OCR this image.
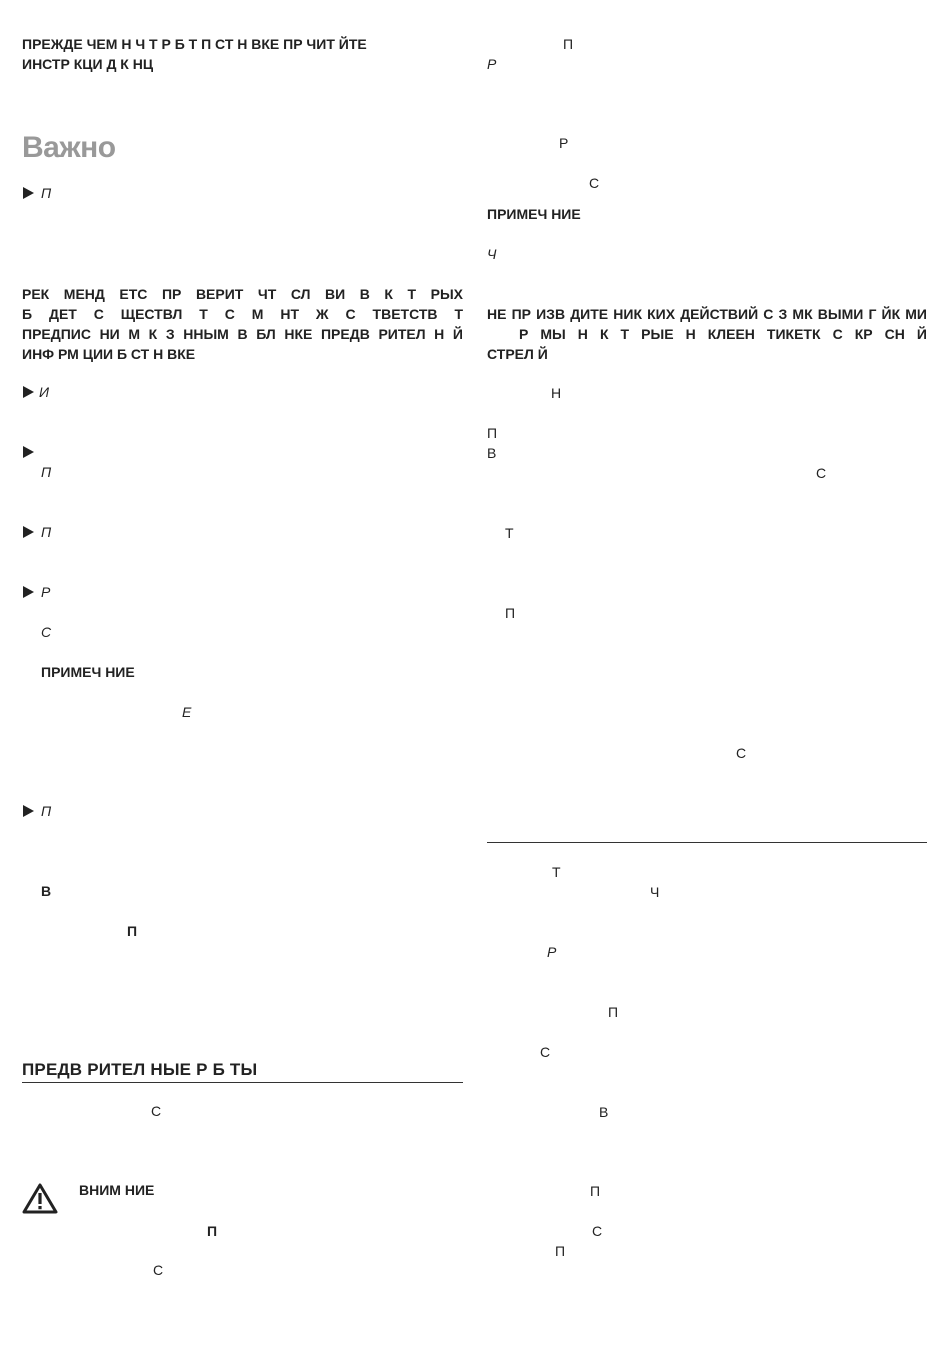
ПРЕЖДЕ ЧЕМ Н Ч Т Р Б Т П СТ Н ВКЕ ПР ЧИТ ЙТЕ
ИНСТР КЦИ Д К НЦ
Важно
П
РЕК МЕНД ЕТС ПР ВЕРИТ ЧТ СЛ ВИ В К Т РЫХ
Б ДЕТ С ЩЕСТВЛ Т С М НТ Ж С ТВЕТСТВ Т
ПРЕДПИС НИ М К З ННЫМ В БЛ НКЕ ПРЕДВ РИТЕЛ Н Й
ИНФ РМ ЦИИ Б СТ Н ВКЕ
И
П
П
Р
С
ПРИМЕЧ НИЕ
Е
П
В
П
ПРЕДВ РИТЕЛ НЫЕ Р Б ТЫ
С
ВНИМ НИЕ
П
С
П
Р
Р
С
ПРИМЕЧ НИЕ
Ч
НЕ ПР ИЗВ ДИТЕ НИК КИХ ДЕЙСТВИЙ С З МК ВЫМИ Г ЙК МИ
Р МЫ Н К Т РЫЕ Н КЛЕЕН ТИКЕТК С КР СН Й
СТРЕЛ Й
Н
П
В
С
Т
П
С
Т
Ч
Р
П
С
В
П
С
П
